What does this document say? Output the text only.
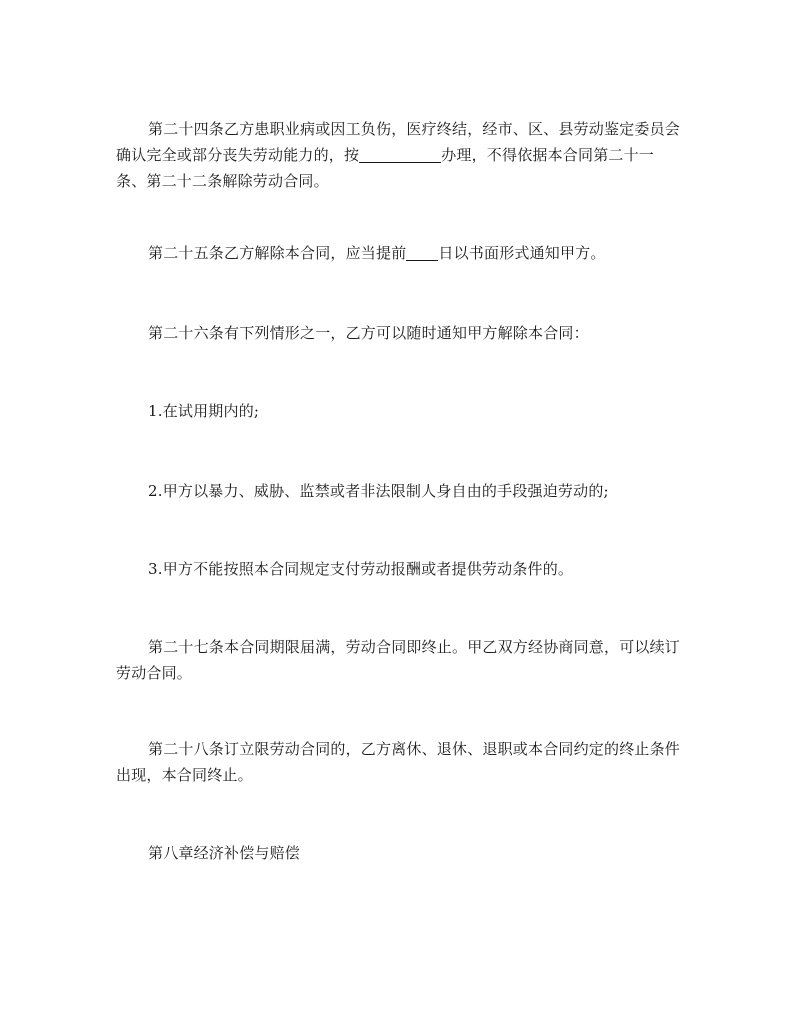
第二十四条乙方患职业病或因工负伤，医疗终结，经市、区、县劳动鉴定委员会确认完全或部分丧失劳动能力的，按	办理，不得依据本合同第二十一条、第二十二条解除劳动合同。

第二十五条乙方解除本合同，应当提前 日以书面形式通知甲方。

第二十六条有下列情形之一，乙方可以随时通知甲方解除本合同：

1.在试用期内的;

2.甲方以暴力、威胁、监禁或者非法限制人身自由的手段强迫劳动的;

3.甲方不能按照本合同规定支付劳动报酬或者提供劳动条件的。

第二十七条本合同期限届满，劳动合同即终止。甲乙双方经协商同意，可以续订劳动合同。

第二十八条订立限劳动合同的，乙方离休、退休、退职或本合同约定的终止条件出现，本合同终止。

第八章经济补偿与赔偿
